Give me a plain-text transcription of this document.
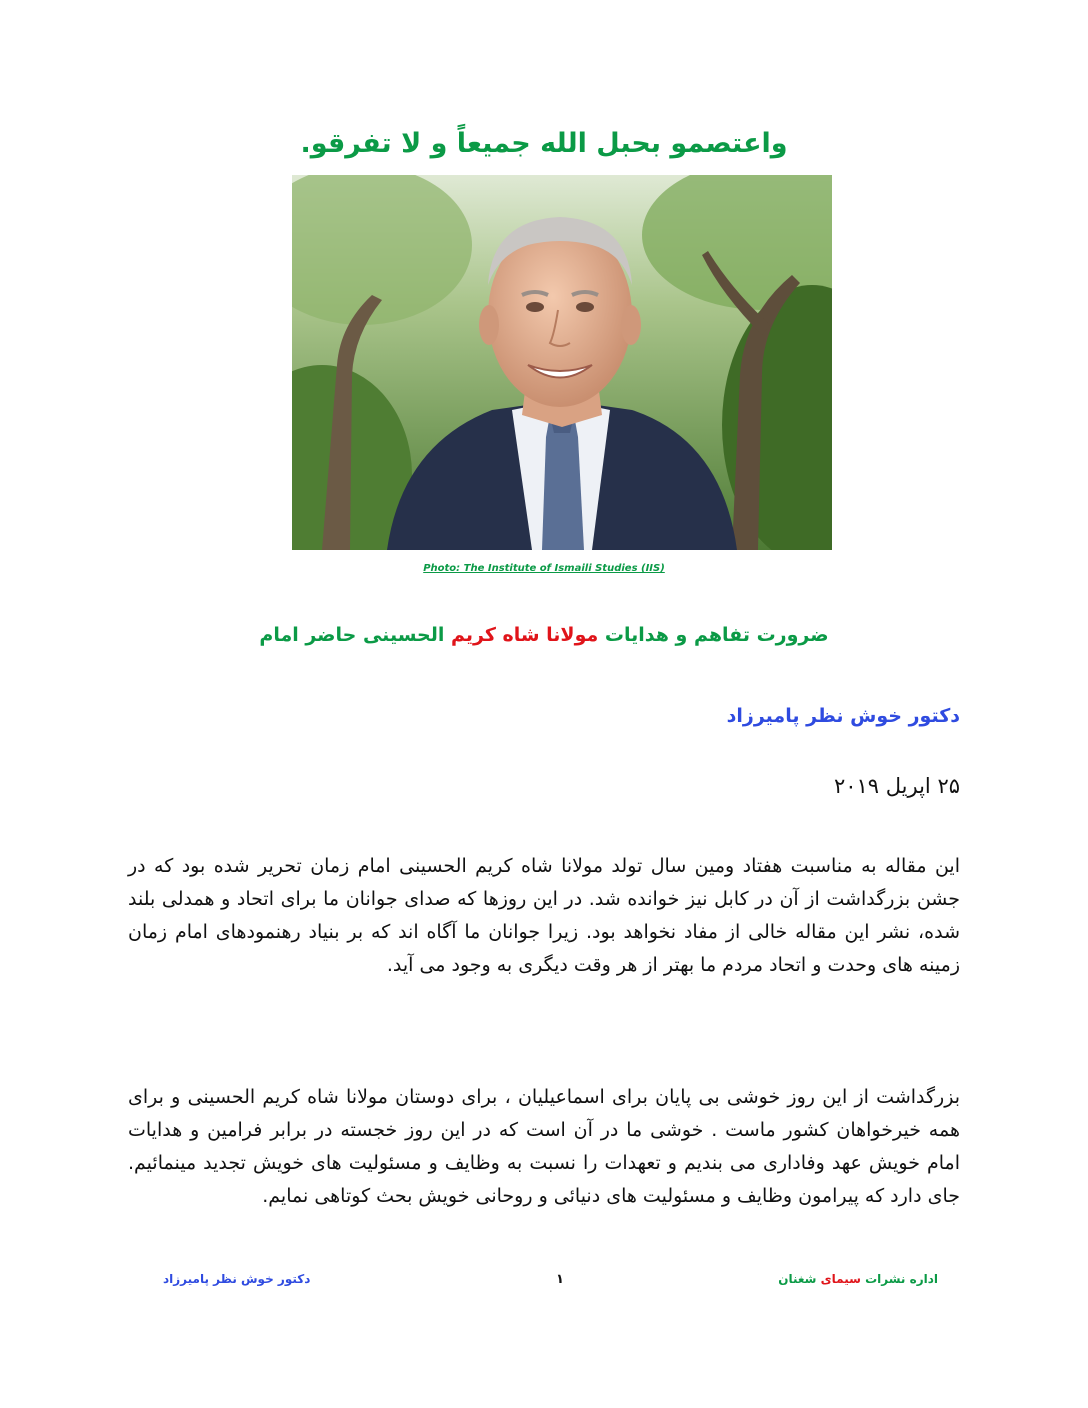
واعتصمو بحبل الله جمیعاً و لا تفرقو.
Photo: The Institute of Ismaili Studies (IIS)
ضرورت تفاهم و هدایات مولانا شاه کریم الحسینی حاضر امام
دکتور خوش نظر پامیرزاد
۲۵ اپریل ۲۰۱۹

این مقاله به مناسبت هفتاد ومین سال تولد مولانا شاه کریم الحسینی امام زمان تحریر شده بود که در جشن بزرگداشت از آن در کابل نیز خوانده شد. در این روزها که صدای جوانان ما برای اتحاد و همدلی بلند شده، نشر این مقاله خالی از مفاد نخواهد بود. زیرا جوانان ما آگاه اند که بر بنیاد رهنمودهای امام زمان زمینه های وحدت و اتحاد مردم ما بهتر از هر وقت دیگری به وجود می آید.

بزرگداشت از این روز خوشی بی پایان برای اسماعیلیان ، برای دوستان مولانا شاه کریم الحسینی و برای همه خیرخواهان کشور ماست . خوشی ما در آن است که در این روز خجسته در برابر فرامین و هدایات امام خویش عهد وفاداری می بندیم و تعهدات را نسبت به وظایف و مسئولیت های خویش تجدید مینمائیم. جای دارد که پیرامون وظایف و مسئولیت های دنیائی و روحانی خویش بحث کوتاهی نمایم.

اداره نشرات سیمای شغنان
۱
دکتور خوش نظر پامیرزاد
